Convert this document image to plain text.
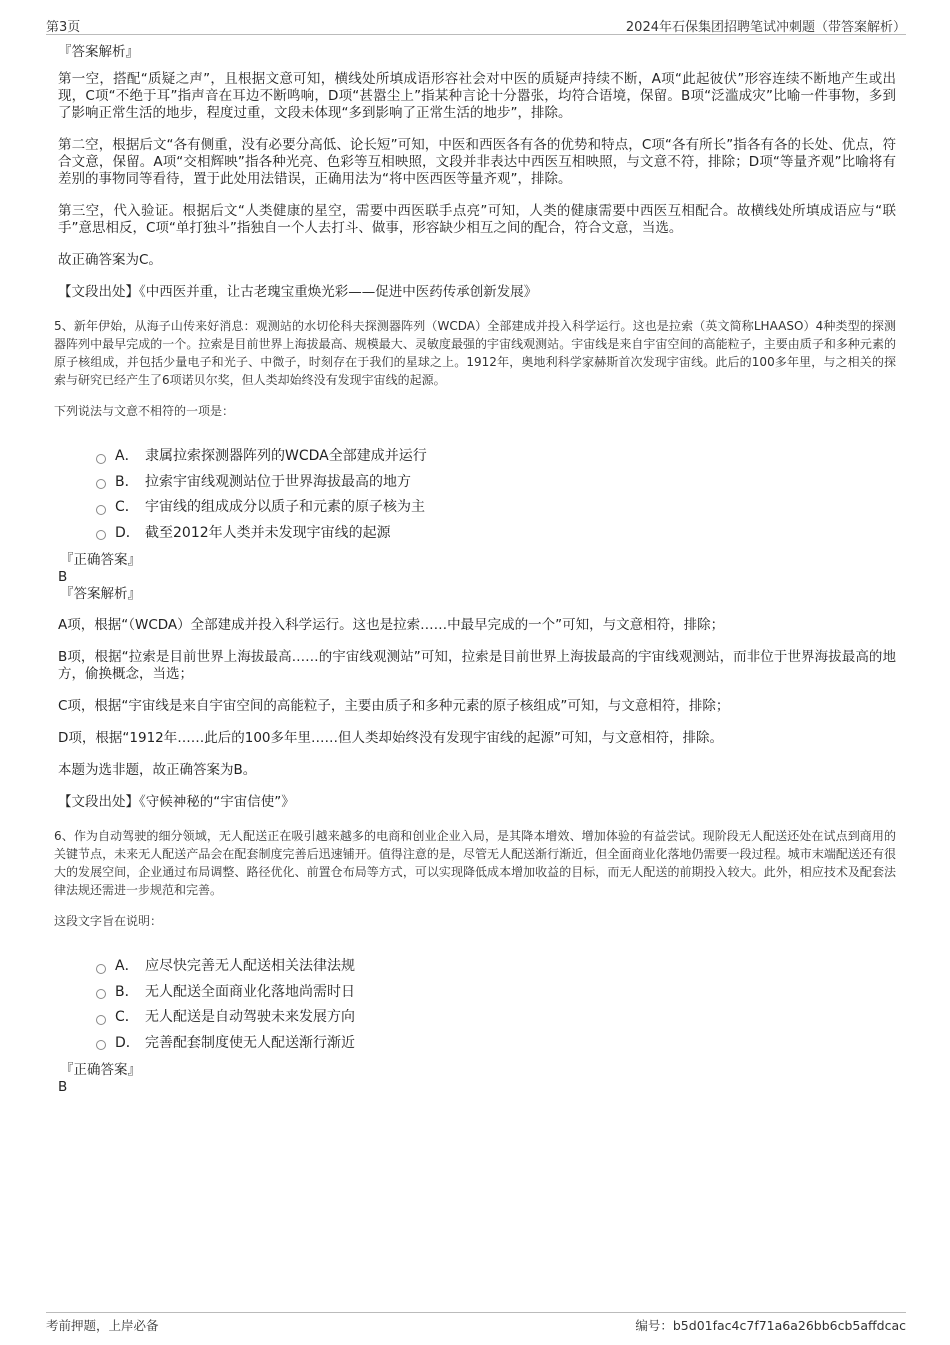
第3页	2024年石保集团招聘笔试冲刺题（带答案解析）
『答案解析』

第一空，搭配“质疑之声”，且根据文意可知，横线处所填成语形容社会对中医的质疑声持续不断，A项“此起彼伏”形容连续不断地产生或出现，C项“不绝于耳”指声音在耳边不断鸣响，D项“甚嚣尘上”指某种言论十分嚣张，均符合语境，保留。B项“泛滥成灾”比喻一件事物，多到了影响正常生活的地步，程度过重，文段未体现“多到影响了正常生活的地步”，排除。

第二空，根据后文“各有侧重，没有必要分高低、论长短”可知，中医和西医各有各的优势和特点，C项“各有所长”指各有各的长处、优点，符合文意，保留。A项“交相辉映”指各种光亮、色彩等互相映照，文段并非表达中西医互相映照，与文意不符，排除；D项“等量齐观”比喻将有差别的事物同等看待，置于此处用法错误，正确用法为“将中医西医等量齐观”，排除。

第三空，代入验证。根据后文“人类健康的星空，需要中西医联手点亮”可知，人类的健康需要中西医互相配合。故横线处所填成语应与“联手”意思相反，C项“单打独斗”指独自一个人去打斗、做事，形容缺少相互之间的配合，符合文意，当选。

故正确答案为C。

【文段出处】《中西医并重，让古老瑰宝重焕光彩——促进中医药传承创新发展》

5、新年伊始，从海子山传来好消息：观测站的水切伦科夫探测器阵列（WCDA）全部建成并投入科学运行。这也是拉索（英文简称LHAASO）4种类型的探测器阵列中最早完成的一个。拉索是目前世界上海拔最高、规模最大、灵敏度最强的宇宙线观测站。宇宙线是来自宇宙空间的高能粒子，主要由质子和多种元素的原子核组成，并包括少量电子和光子、中微子，时刻存在于我们的星球之上。1912年，奥地利科学家赫斯首次发现宇宙线。此后的100多年里，与之相关的探索与研究已经产生了6项诺贝尔奖，但人类却始终没有发现宇宙线的起源。

下列说法与文意不相符的一项是：

A． 隶属拉索探测器阵列的WCDA全部建成并运行
B． 拉索宇宙线观测站位于世界海拔最高的地方
C． 宇宙线的组成成分以质子和元素的原子核为主
D． 截至2012年人类并未发现宇宙线的起源
『正确答案』
B
『答案解析』

A项，根据“（WCDA）全部建成并投入科学运行。这也是拉索……中最早完成的一个”可知，与文意相符，排除；

B项，根据“拉索是目前世界上海拔最高……的宇宙线观测站”可知，拉索是目前世界上海拔最高的宇宙线观测站，而非位于世界海拔最高的地方，偷换概念，当选；

C项，根据“宇宙线是来自宇宙空间的高能粒子，主要由质子和多种元素的原子核组成”可知，与文意相符，排除；

D项，根据“1912年……此后的100多年里……但人类却始终没有发现宇宙线的起源”可知，与文意相符，排除。

本题为选非题，故正确答案为B。

【文段出处】《守候神秘的“宇宙信使”》

6、作为自动驾驶的细分领域，无人配送正在吸引越来越多的电商和创业企业入局，是其降本增效、增加体验的有益尝试。现阶段无人配送还处在试点到商用的关键节点，未来无人配送产品会在配套制度完善后迅速铺开。值得注意的是，尽管无人配送渐行渐近，但全面商业化落地仍需要一段过程。城市末端配送还有很大的发展空间，企业通过布局调整、路径优化、前置仓布局等方式，可以实现降低成本增加收益的目标，而无人配送的前期投入较大。此外，相应技术及配套法律法规还需进一步规范和完善。

这段文字旨在说明：

A． 应尽快完善无人配送相关法律法规
B． 无人配送全面商业化落地尚需时日
C． 无人配送是自动驾驶未来发展方向
D． 完善配套制度使无人配送渐行渐近
『正确答案』
B
考前押题，上岸必备	编号：b5d01fac4c7f71a6a26bb6cb5affdcac
